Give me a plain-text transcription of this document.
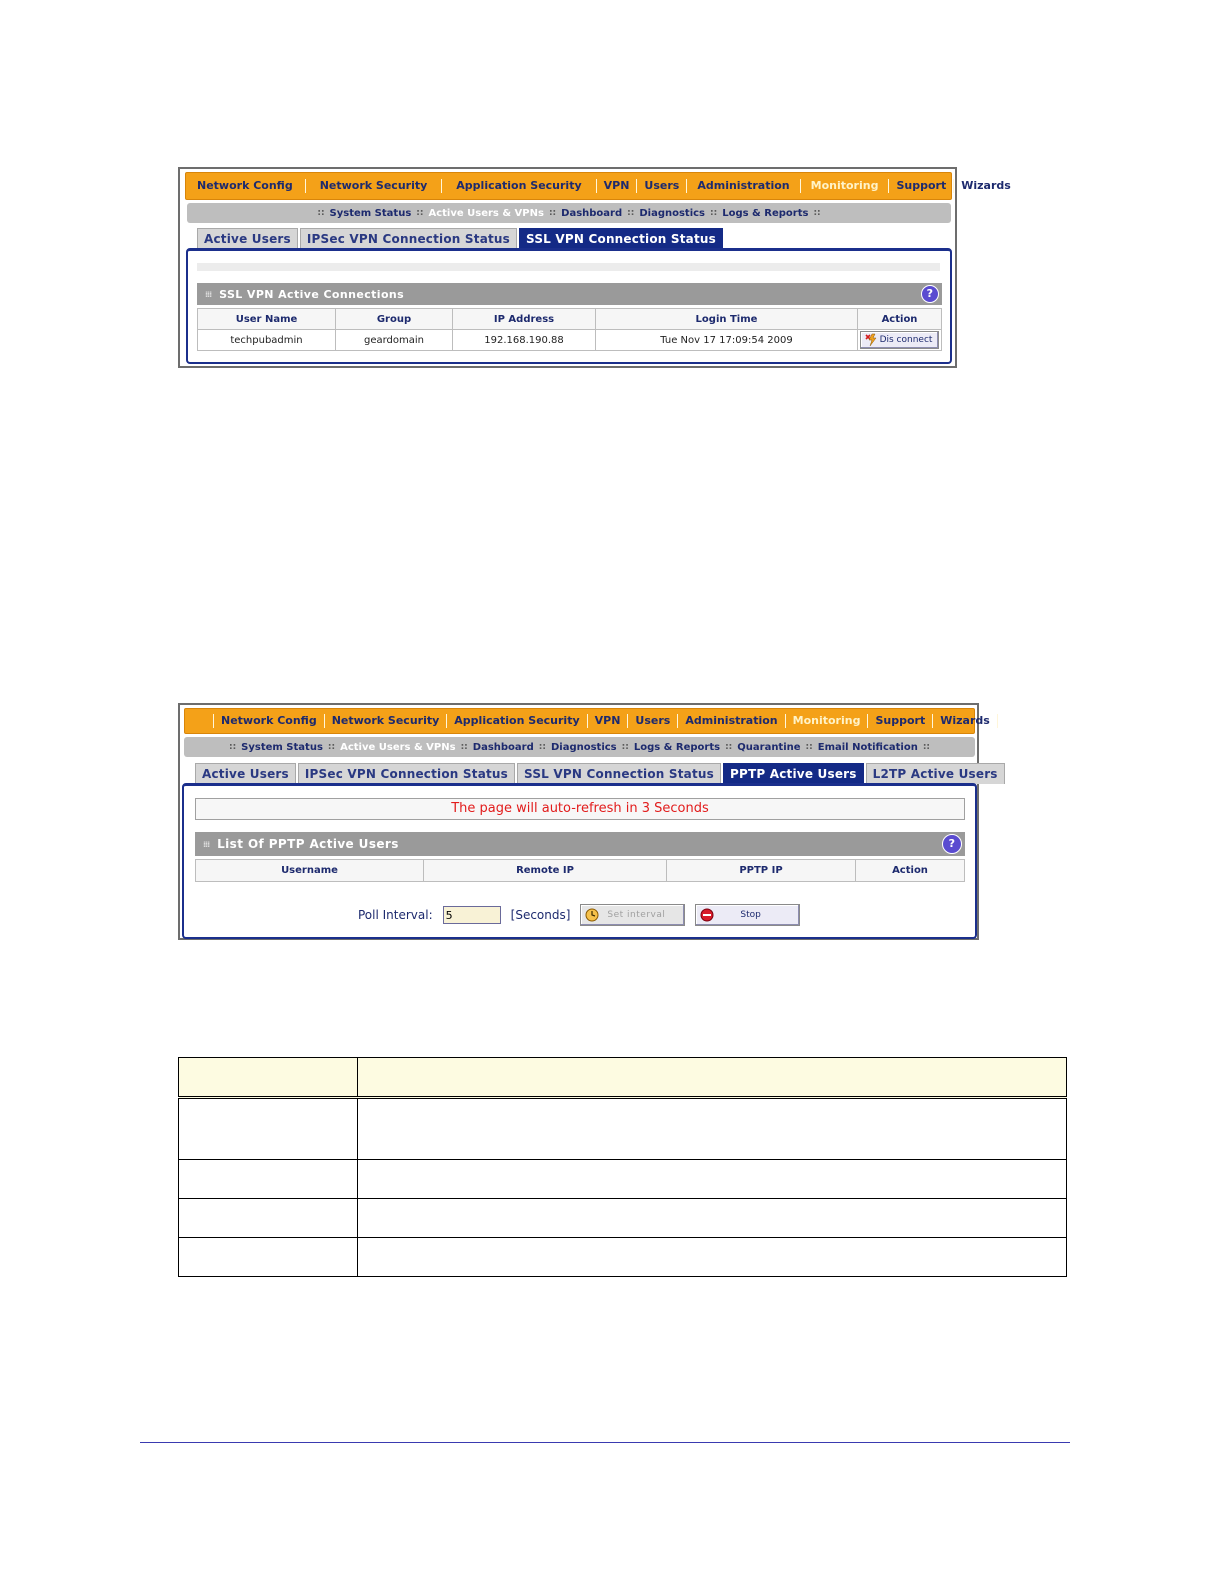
Network Config	Network Security	Application Security	VPN	Users	Administration	Monitoring	Support	Wizards
:: System Status :: Active Users & VPNs :: Dashboard :: Diagnostics :: Logs & Reports ::
Active Users	IPSec VPN Connection Status	SSL VPN Connection Status
⁞⁞⁞ SSL VPN Active Connections	?
User Name	Group	IP Address	Login Time	Action
techpubadmin	geardomain	192.168.190.88	Tue Nov 17 17:09:54 2009	Dis connect
Network Config	Network Security	Application Security	VPN	Users	Administration	Monitoring	Support	Wizards
:: System Status :: Active Users & VPNs :: Dashboard :: Diagnostics :: Logs & Reports :: Quarantine :: Email Notification ::
Active Users	IPSec VPN Connection Status	SSL VPN Connection Status	PPTP Active Users	L2TP Active Users
The page will auto-refresh in 3 Seconds
⁞⁞⁞ List Of PPTP Active Users	?
Username	Remote IP	PPTP IP	Action
Poll Interval:
5	[Seconds]	Set interval	Stop
